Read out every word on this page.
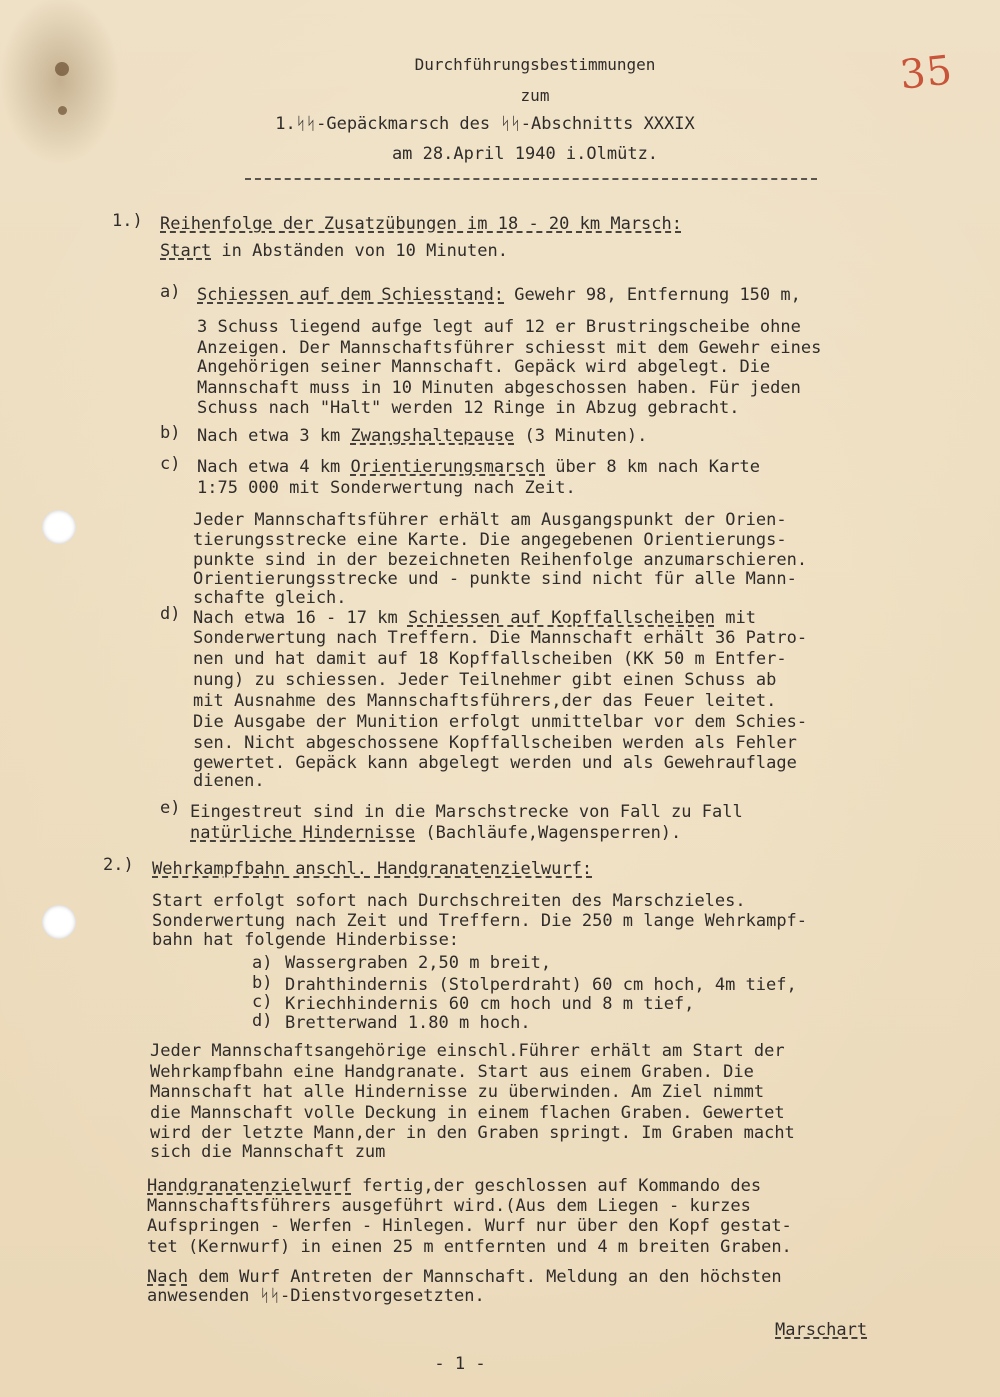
35
Durchführungsbestimmungen
zum
1.ᛋᛋ-Gepäckmarsch des ᛋᛋ-Abschnitts XXXIX
am 28.April 1940 i.Olmütz.
1.) Reihenfolge der Zusatzübungen im 18 - 20 km Marsch:
Start in Abständen von 10 Minuten.
a) Schiessen auf dem Schiesstand: Gewehr 98, Entfernung 150 m,
3 Schuss liegend aufge legt auf 12 er Brustringscheibe ohne
Anzeigen. Der Mannschaftsführer schiesst mit dem Gewehr eines
Angehörigen seiner Mannschaft. Gepäck wird abgelegt. Die
Mannschaft muss in 10 Minuten abgeschossen haben. Für jeden
Schuss nach "Halt" werden 12 Ringe in Abzug gebracht.
b) Nach etwa 3 km Zwangshaltepause (3 Minuten).
c) Nach etwa 4 km Orientierungsmarsch über 8 km nach Karte
1:75 000 mit Sonderwertung nach Zeit.
Jeder Mannschaftsführer erhält am Ausgangspunkt der Orien-
tierungsstrecke eine Karte. Die angegebenen Orientierungs-
punkte sind in der bezeichneten Reihenfolge anzumarschieren.
Orientierungsstrecke und - punkte sind nicht für alle Mann-
schafte gleich.
d) Nach etwa 16 - 17 km Schiessen auf Kopffallscheiben mit
Sonderwertung nach Treffern. Die Mannschaft erhält 36 Patro-
nen und hat damit auf 18 Kopffallscheiben (KK 50 m Entfer-
nung) zu schiessen. Jeder Teilnehmer gibt einen Schuss ab
mit Ausnahme des Mannschaftsführers,der das Feuer leitet.
Die Ausgabe der Munition erfolgt unmittelbar vor dem Schies-
sen. Nicht abgeschossene Kopffallscheiben werden als Fehler
gewertet. Gepäck kann abgelegt werden und als Gewehrauflage
dienen.
e) Eingestreut sind in die Marschstrecke von Fall zu Fall
natürliche Hindernisse (Bachläufe,Wagensperren).
2.) Wehrkampfbahn anschl. Handgranatenzielwurf:
Start erfolgt sofort nach Durchschreiten des Marschzieles.
Sonderwertung nach Zeit und Treffern. Die 250 m lange Wehrkampf-
bahn hat folgende Hinderbisse:
a) Wassergraben 2,50 m breit,
b) Drahthindernis (Stolperdraht) 60 cm hoch, 4m tief,
c) Kriechhindernis 60 cm hoch und 8 m tief,
d) Bretterwand 1.80 m hoch.
Jeder Mannschaftsangehörige einschl.Führer erhält am Start der
Wehrkampfbahn eine Handgranate. Start aus einem Graben. Die
Mannschaft hat alle Hindernisse zu überwinden. Am Ziel nimmt
die Mannschaft volle Deckung in einem flachen Graben. Gewertet
wird der letzte Mann,der in den Graben springt. Im Graben macht
sich die Mannschaft zum
Handgranatenzielwurf fertig,der geschlossen auf Kommando des
Mannschaftsführers ausgeführt wird.(Aus dem Liegen - kurzes
Aufspringen - Werfen - Hinlegen. Wurf nur über den Kopf gestat-
tet (Kernwurf) in einen 25 m entfernten und 4 m breiten Graben.
Nach dem Wurf Antreten der Mannschaft. Meldung an den höchsten
anwesenden ᛋᛋ-Dienstvorgesetzten.
Marschart
- 1 -
